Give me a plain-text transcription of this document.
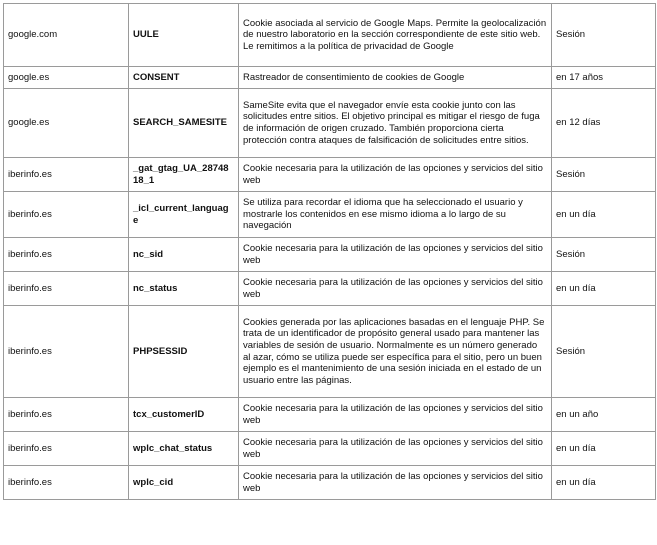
google.com	UULE	Cookie asociada al servicio de Google Maps. Permite la geolocalización de nuestro laboratorio en la sección correspondiente de este sitio web. Le remitimos a la política de privacidad de Google	Sesión
google.es	CONSENT	Rastreador de consentimiento de cookies de Google	en 17 años
google.es	SEARCH_SAMESITE	SameSite evita que el navegador envíe esta cookie junto con las solicitudes entre sitios. El objetivo principal es mitigar el riesgo de fuga de información de origen cruzado. También proporciona cierta protección contra ataques de falsificación de solicitudes entre sitios.	en 12 días
iberinfo.es	_gat_gtag_UA_28748 18_1	Cookie necesaria para la utilización de las opciones y servicios del sitio web	Sesión
iberinfo.es	_icl_current_languag e	Se utiliza para recordar el idioma que ha seleccionado el usuario y mostrarle los contenidos en ese mismo idioma a lo largo de su navegación	en un día
iberinfo.es	nc_sid	Cookie necesaria para la utilización de las opciones y servicios del sitio web	Sesión
iberinfo.es	nc_status	Cookie necesaria para la utilización de las opciones y servicios del sitio web	en un día
iberinfo.es	PHPSESSID	Cookies generada por las aplicaciones basadas en el lenguaje PHP. Se trata de un identificador de propósito general usado para mantener las variables de sesión de usuario. Normalmente es un número generado al azar, cómo se utiliza puede ser específica para el sitio, pero un buen ejemplo es el mantenimiento de una sesión iniciada en el estado de un usuario entre las páginas.	Sesión
iberinfo.es	tcx_customerID	Cookie necesaria para la utilización de las opciones y servicios del sitio web	en un año
iberinfo.es	wplc_chat_status	Cookie necesaria para la utilización de las opciones y servicios del sitio web	en un día
iberinfo.es	wplc_cid	Cookie necesaria para la utilización de las opciones y servicios del sitio web	en un día
